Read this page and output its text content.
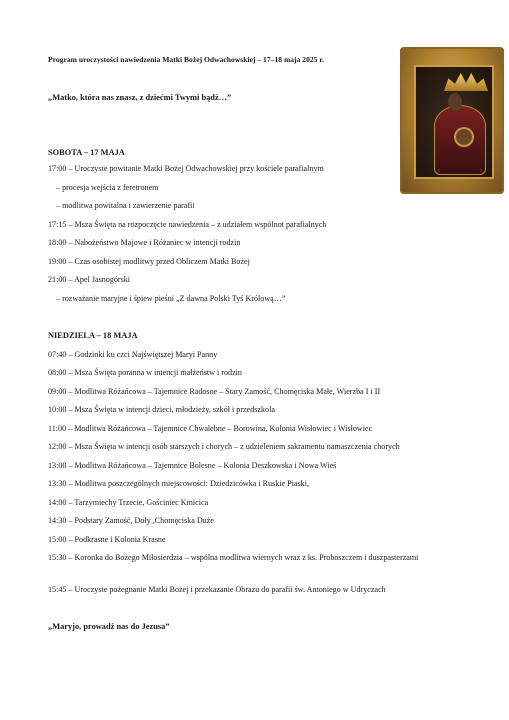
Program uroczystości nawiedzenia Matki Bożej Odwachowskiej – 17–18 maja 2025 r.
„Matko, która nas znasz, z dziećmi Twymi bądź…”
SOBOTA – 17 MAJA
17:00 – Uroczyste powitanie Matki Bożej Odwachowskiej przy kościele parafialnym
– procesja wejścia z feretronem
– modlitwa powitalna i zawierzenie parafii
17:15 – Msza Święta na rozpoczęcie nawiedzenia – z udziałem wspólnot parafialnych
18:00 – Nabożeństwo Majowe i Różaniec w intencji rodzin
19:00 – Czas osobistej modlitwy przed Obliczem Matki Bożej
21:00 – Apel Jasnogórski
– rozważanie maryjne i śpiew pieśni „Z dawna Polski Tyś Królową…”
NIEDZIELA – 18 MAJA
07:40 – Godzinki ku czci Najświętszej Maryi Panny
08:00 – Msza Święta poranna w intencji małżeństw i rodzin
09:00 – Modlitwa Różańcowa – Tajemnice Radosne – Stary Zamość, Chomęciska Małe, Wierzba I i II
10:00 – Msza Święta w intencji dzieci, młodzieży, szkół i przedszkola
11:00 – Modlitwa Różańcowa – Tajemnice Chwalebne – Borowina, Kolonia Wisłowiec i Wisłowiec
12:00 – Msza Święta w intencji osób starszych i chorych – z udzieleniem sakramentu namaszczenia chorych
13:00 – Modlitwa Różańcowa – Tajemnice Bolesne – Kolonia Deszkowska i Nowa Wieś
13:30 – Modlitwa poszczególnych miejscowości: Dziedzicówka i Ruskie Piaski,
14:00 – Tarzymiechy Trzecie, Gościniec Kmicica
14:30 – Podstary Zamość, Doły ,Chomęciska Duże
15:00 – Podkrasne i Kolonia Krasne
15:30 – Koronka do Bożego Miłosierdzia – wspólna modlitwa wiernych wraz z ks. Proboszczem i duszpasterzami
15:45 – Uroczyste pożegnanie Matki Bożej i przekazanie Obrazu do parafii św. Antoniego w Udryczach
„Maryjo, prowadź nas do Jezusa”
